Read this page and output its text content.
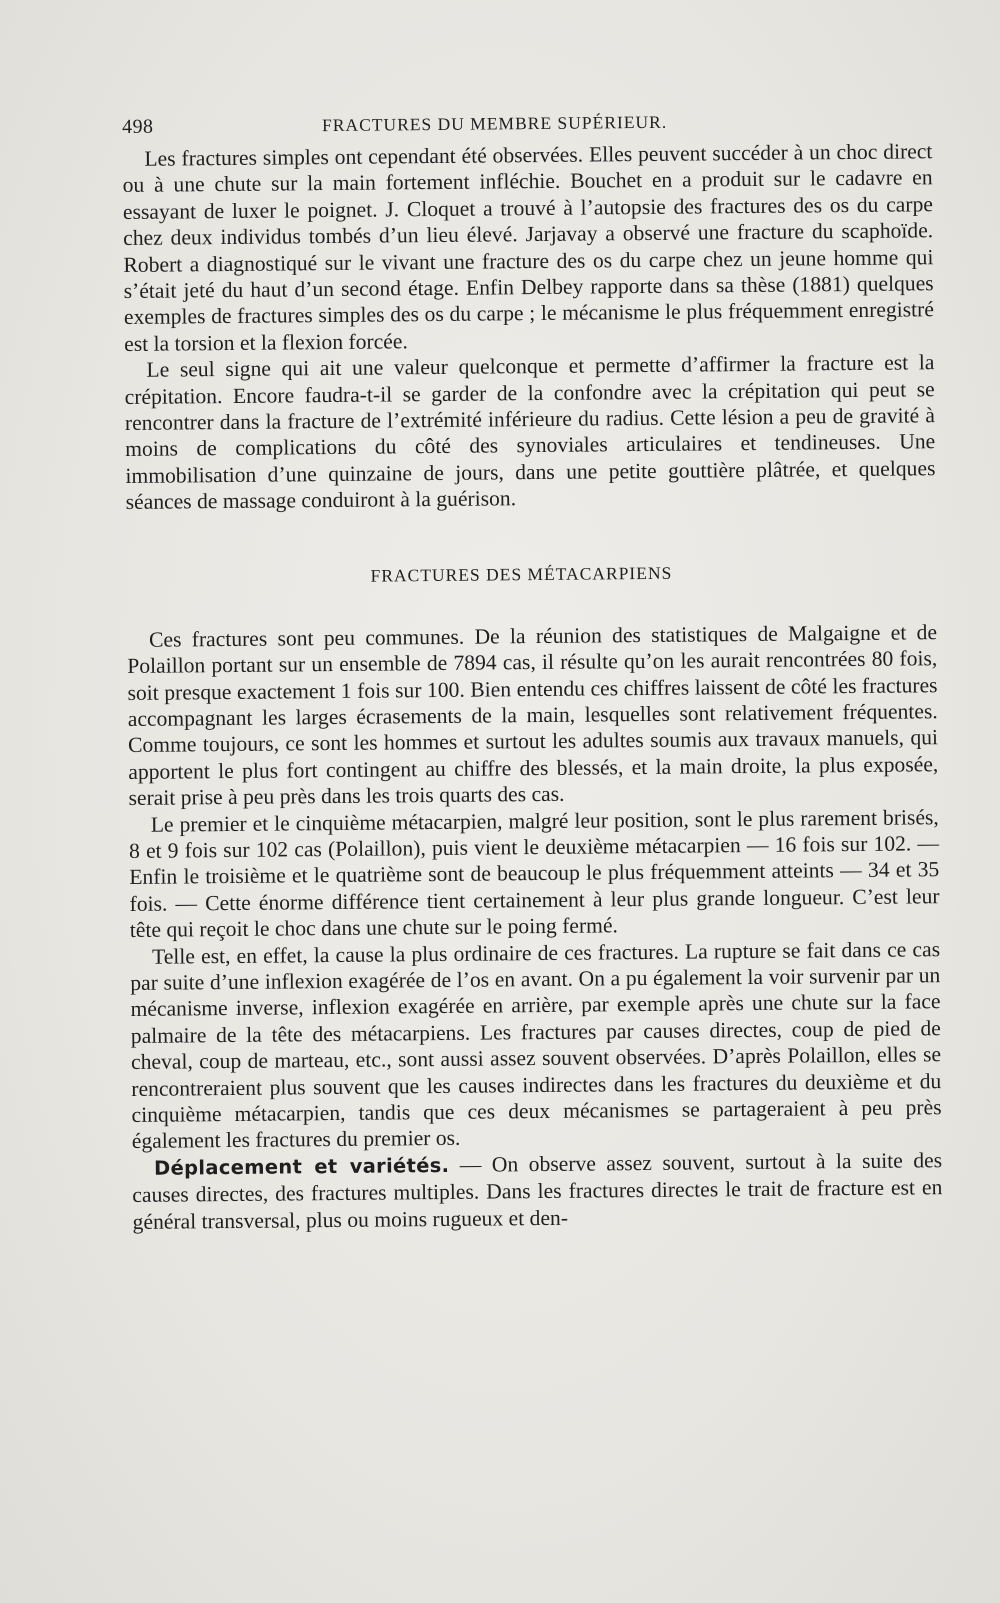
498	FRACTURES DU MEMBRE SUPÉRIEUR.

Les fractures simples ont cependant été observées. Elles peuvent succéder à un choc direct ou à une chute sur la main fortement infléchie. Bouchet en a produit sur le cadavre en essayant de luxer le poignet. J. Cloquet a trouvé à l’autopsie des fractures des os du carpe chez deux individus tombés d’un lieu élevé. Jarjavay a observé une fracture du scaphoïde. Robert a diagnostiqué sur le vivant une fracture des os du carpe chez un jeune homme qui s’était jeté du haut d’un second étage. Enfin Delbey rapporte dans sa thèse (1881) quelques exemples de fractures simples des os du carpe ; le mécanisme le plus fréquemment enregistré est la torsion et la flexion forcée.

Le seul signe qui ait une valeur quelconque et permette d’affirmer la fracture est la crépitation. Encore faudra-t-il se garder de la confondre avec la crépitation qui peut se rencontrer dans la fracture de l’extrémité inférieure du radius. Cette lésion a peu de gravité à moins de complications du côté des synoviales articulaires et tendineuses. Une immobilisation d’une quinzaine de jours, dans une petite gouttière plâtrée, et quelques séances de massage conduiront à la guérison.

FRACTURES DES MÉTACARPIENS

Ces fractures sont peu communes. De la réunion des statistiques de Malgaigne et de Polaillon portant sur un ensemble de 7894 cas, il résulte qu’on les aurait rencontrées 80 fois, soit presque exactement 1 fois sur 100. Bien entendu ces chiffres laissent de côté les fractures accompagnant les larges écrasements de la main, lesquelles sont relativement fréquentes. Comme toujours, ce sont les hommes et surtout les adultes soumis aux travaux manuels, qui apportent le plus fort contingent au chiffre des blessés, et la main droite, la plus exposée, serait prise à peu près dans les trois quarts des cas.

Le premier et le cinquième métacarpien, malgré leur position, sont le plus rarement brisés, 8 et 9 fois sur 102 cas (Polaillon), puis vient le deuxième métacarpien — 16 fois sur 102. — Enfin le troisième et le quatrième sont de beaucoup le plus fréquemment atteints — 34 et 35 fois. — Cette énorme différence tient certainement à leur plus grande longueur. C’est leur tête qui reçoit le choc dans une chute sur le poing fermé.

Telle est, en effet, la cause la plus ordinaire de ces fractures. La rupture se fait dans ce cas par suite d’une inflexion exagérée de l’os en avant. On a pu également la voir survenir par un mécanisme inverse, inflexion exagérée en arrière, par exemple après une chute sur la face palmaire de la tête des métacarpiens. Les fractures par causes directes, coup de pied de cheval, coup de marteau, etc., sont aussi assez souvent observées. D’après Polaillon, elles se rencontreraient plus souvent que les causes indirectes dans les fractures du deuxième et du cinquième métacarpien, tandis que ces deux mécanismes se partageraient à peu près également les fractures du premier os.

Déplacement et variétés. — On observe assez souvent, surtout à la suite des causes directes, des fractures multiples. Dans les fractures directes le trait de fracture est en général transversal, plus ou moins rugueux et den-
